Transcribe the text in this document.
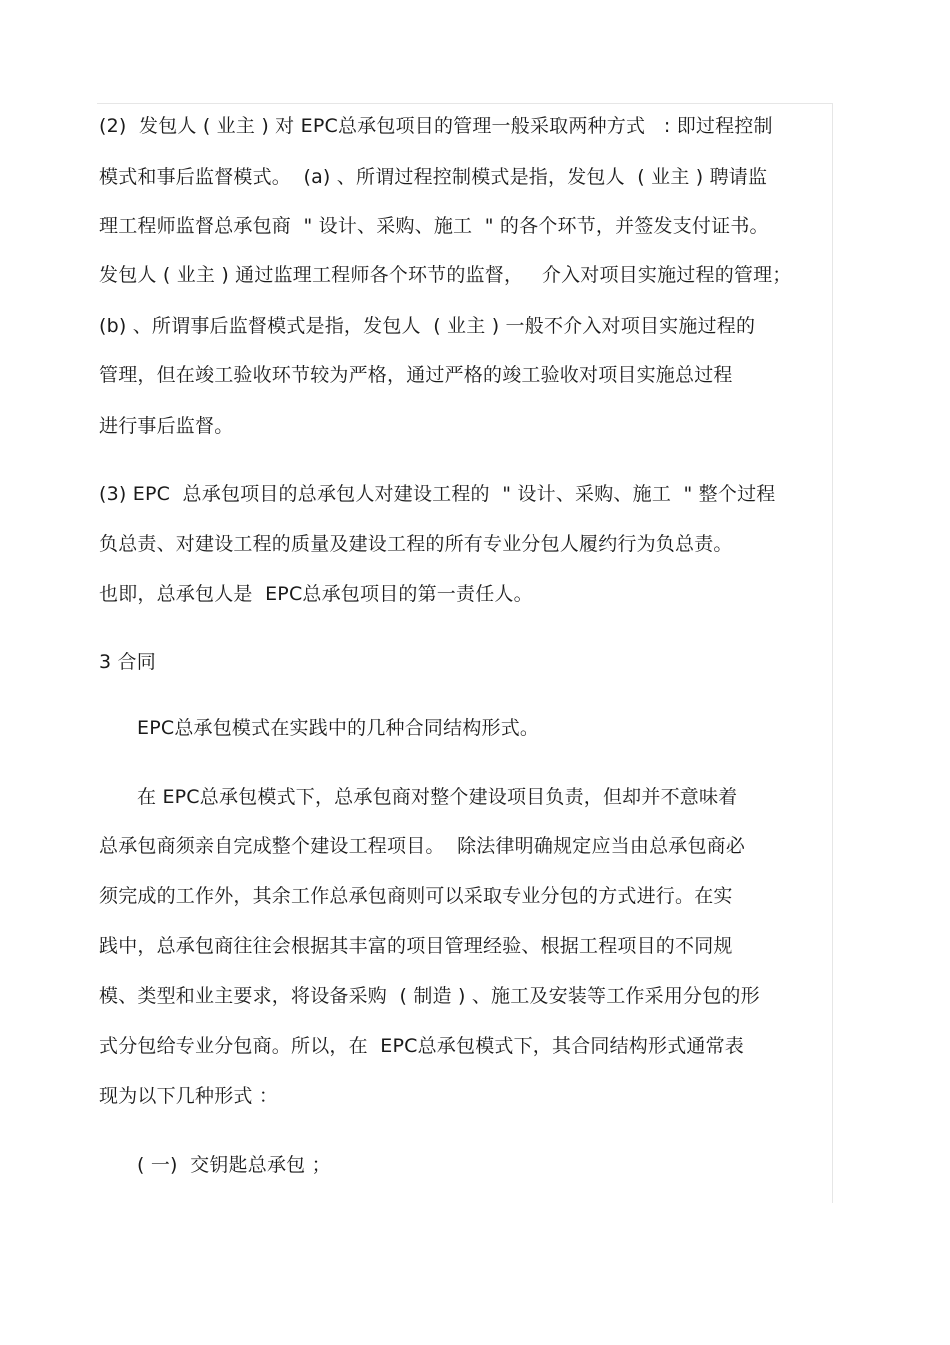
(2)  发包人 ( 业主 ) 对 EPC总承包项目的管理一般采取两种方式   : 即过程控制
模式和事后监督模式。  (a) 、所谓过程控制模式是指，发包人  ( 业主 ) 聘请监
理工程师监督总承包商  " 设计、采购、施工  " 的各个环节，并签发支付证书。
发包人 ( 业主 ) 通过监理工程师各个环节的监督，   介入对项目实施过程的管理；
(b) 、所谓事后监督模式是指，发包人  ( 业主 ) 一般不介入对项目实施过程的
管理，但在竣工验收环节较为严格，通过严格的竣工验收对项目实施总过程
进行事后监督。
(3) EPC  总承包项目的总承包人对建设工程的  " 设计、采购、施工  " 整个过程
负总责、对建设工程的质量及建设工程的所有专业分包人履约行为负总责。
也即，总承包人是  EPC总承包项目的第一责任人。
3 合同
EPC总承包模式在实践中的几种合同结构形式。
在 EPC总承包模式下，总承包商对整个建设项目负责，但却并不意味着
总承包商须亲自完成整个建设工程项目。  除法律明确规定应当由总承包商必
须完成的工作外，其余工作总承包商则可以采取专业分包的方式进行。在实
践中，总承包商往往会根据其丰富的项目管理经验、根据工程项目的不同规
模、类型和业主要求，将设备采购  ( 制造 ) 、施工及安装等工作采用分包的形
式分包给专业分包商。所以，在  EPC总承包模式下，其合同结构形式通常表
现为以下几种形式 ：
( 一)  交钥匙总承包 ；
